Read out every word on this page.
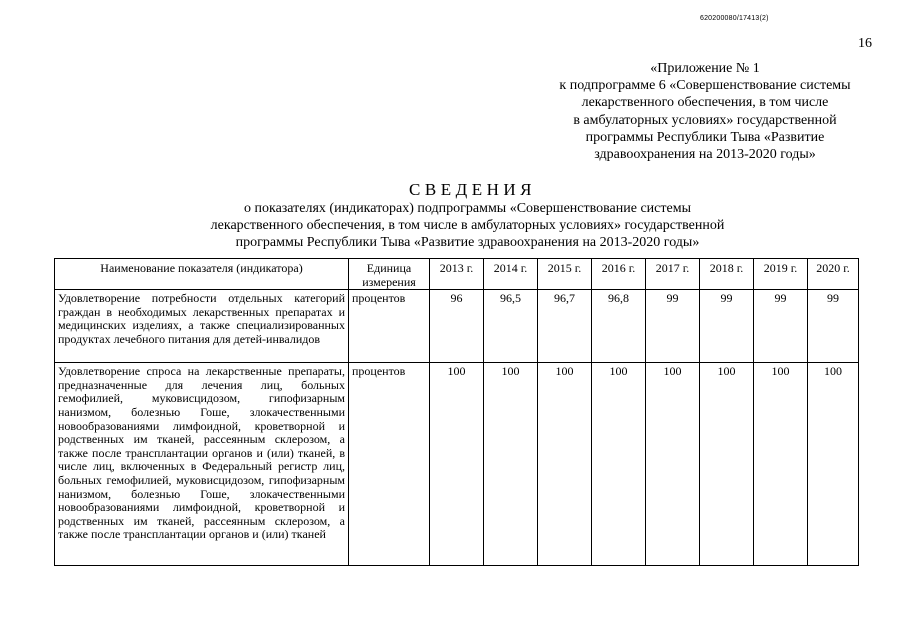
620200080/17413(2)
16
«Приложение № 1
к подпрограмме 6 «Совершенствование системы
лекарственного обеспечения, в том числе
в амбулаторных условиях» государственной
программы Республики Тыва «Развитие
здравоохранения на 2013-2020 годы»
СВЕДЕНИЯ
о показателях (индикаторах) подпрограммы «Совершенствование системы
лекарственного обеспечения, в том числе в амбулаторных условиях» государственной
программы Республики Тыва «Развитие здравоохранения на 2013-2020 годы»
Наименование показателя (индикатора)	Единица измерения	2013 г.	2014 г.	2015 г.	2016 г.	2017 г.	2018 г.	2019 г.	2020 г.
Удовлетворение потребности отдельных категорий граждан в необходимых лекарственных препаратах и медицинских изделиях, а также специализированных продуктах лечебного питания для детей-инвалидов	процентов	96	96,5	96,7	96,8	99	99	99	99
Удовлетворение спроса на лекарственные препараты, предназначенные для лечения лиц, больных гемофилией, муковисцидозом, гипофизарным нанизмом, болезнью Гоше, злокачественными новообразованиями лимфоидной, кроветворной и родственных им тканей, рассеянным склерозом, а также после трансплантации органов и (или) тканей, в числе лиц, включенных в Федеральный регистр лиц, больных гемофилией, муковисцидозом, гипофизарным нанизмом, болезнью Гоше, злокачественными новообразованиями лимфоидной, кроветворной и родственных им тканей, рассеянным склерозом, а также после трансплантации органов и (или) тканей	процентов	100	100	100	100	100	100	100	100
